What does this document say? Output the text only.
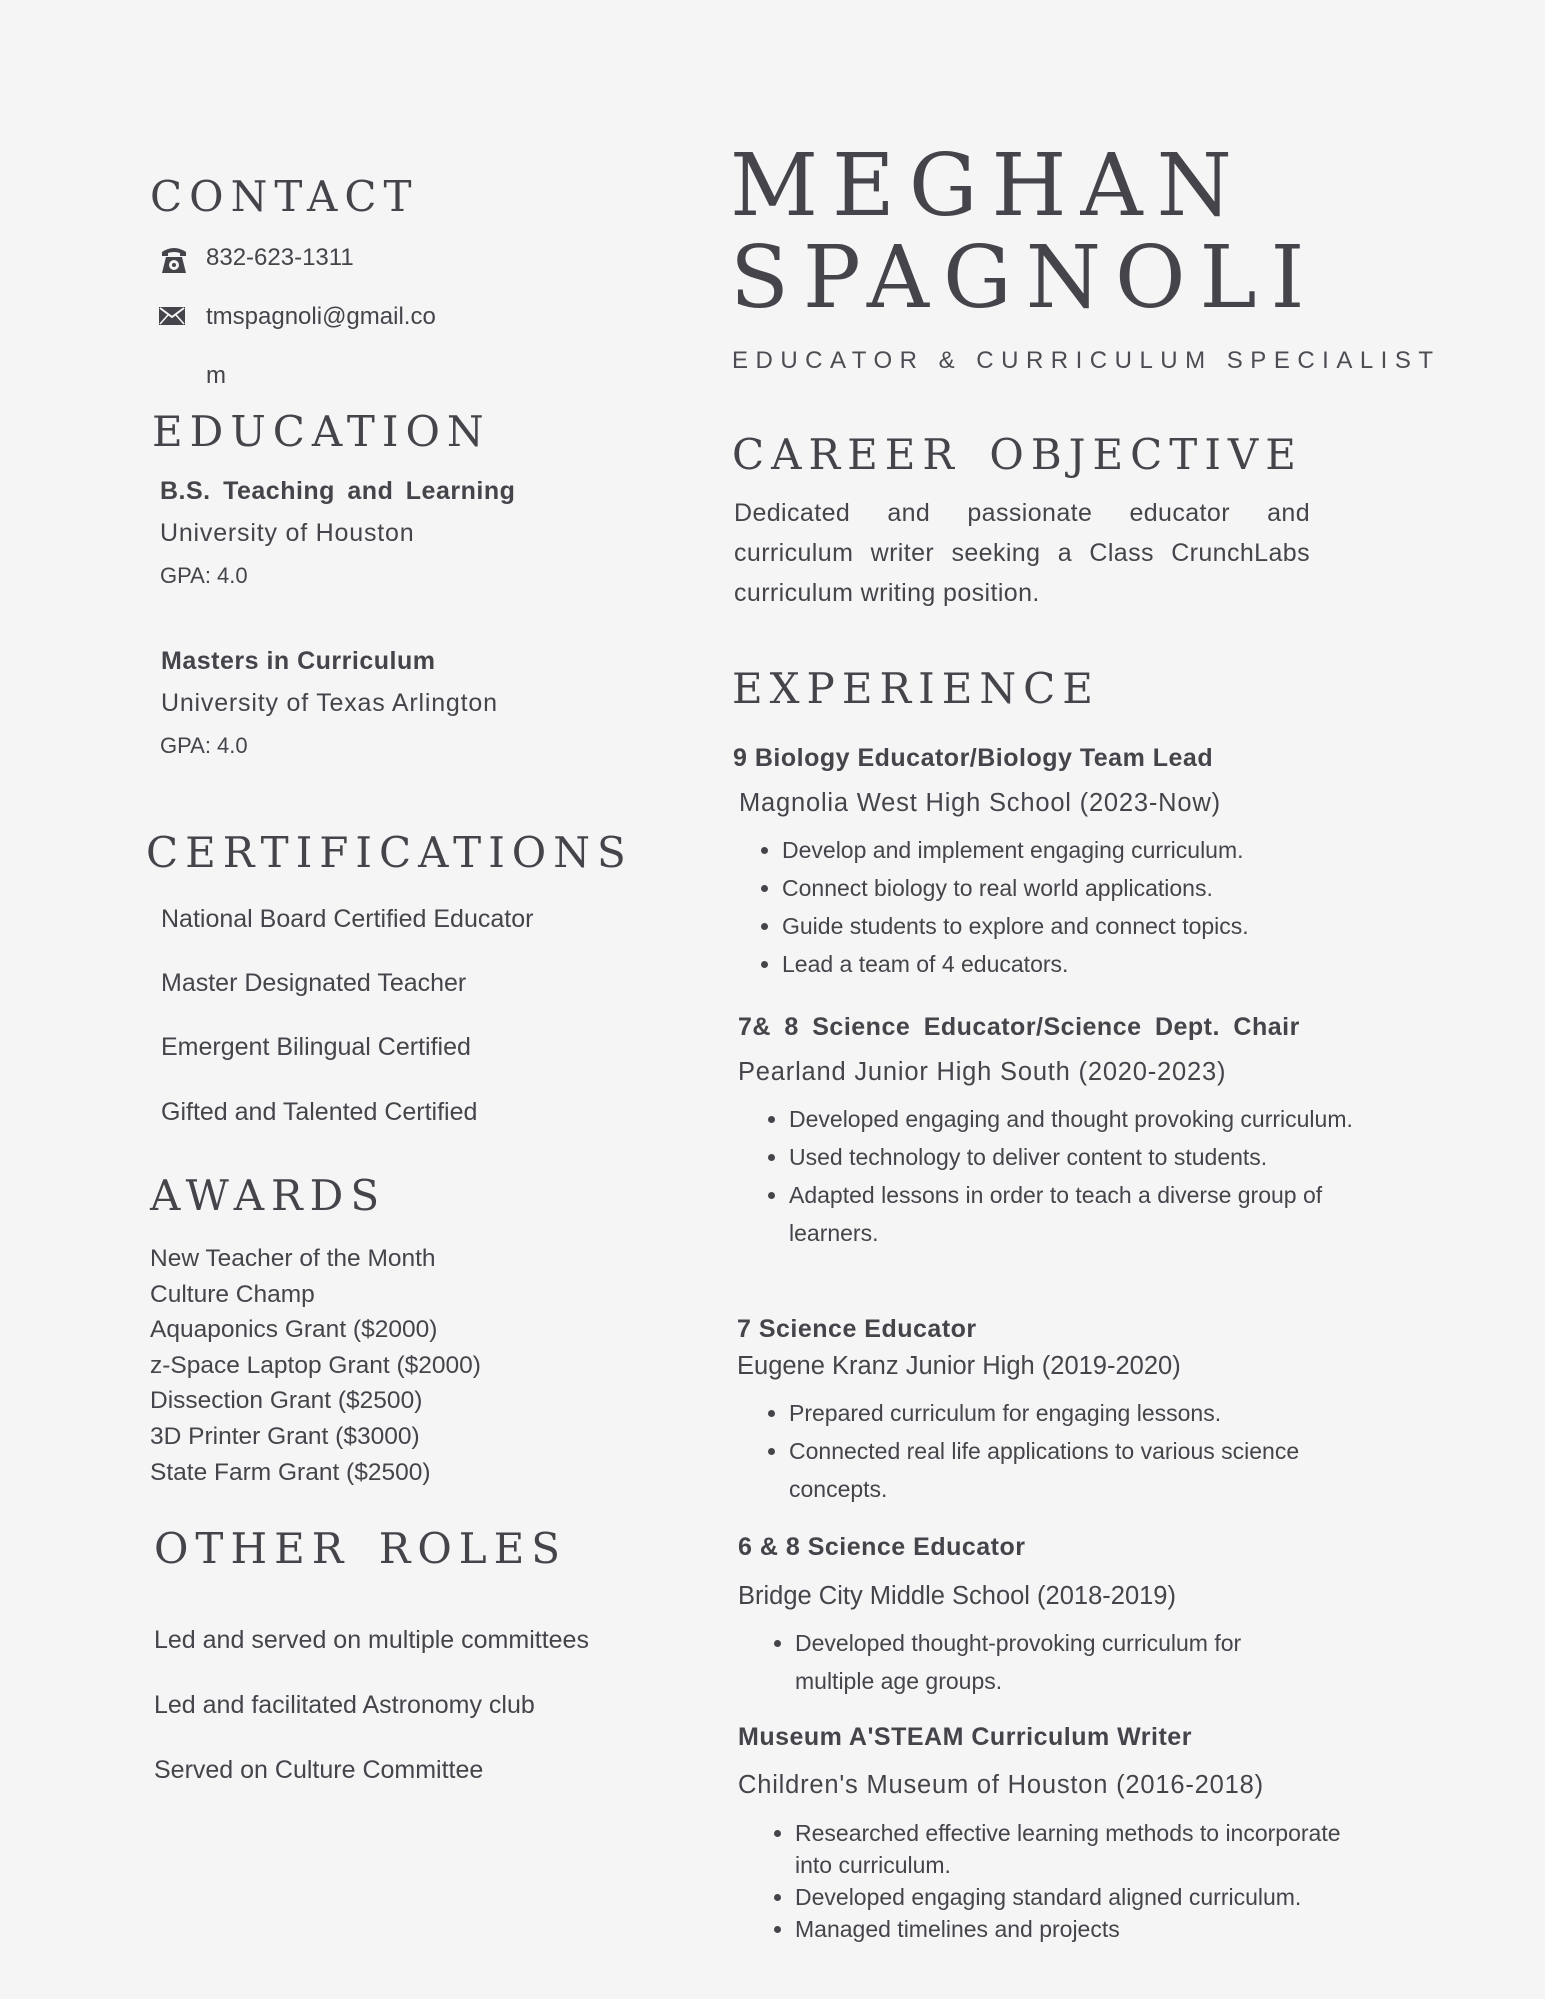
CONTACT
832-623-1311
tmspagnoli@gmail.co
m
EDUCATION
B.S. Teaching and Learning
University of Houston
GPA: 4.0
Masters in Curriculum
University of Texas Arlington
GPA: 4.0
CERTIFICATIONS
National Board Certified Educator
Master Designated Teacher
Emergent Bilingual Certified
Gifted and Talented Certified
AWARDS
New Teacher of the Month
Culture Champ
Aquaponics Grant ($2000)
z-Space Laptop Grant ($2000)
Dissection Grant ($2500)
3D Printer Grant ($3000)
State Farm Grant ($2500)
OTHER ROLES
Led and served on multiple committees
Led and facilitated Astronomy club
Served on Culture Committee
MEGHAN
SPAGNOLI
EDUCATOR & CURRICULUM SPECIALIST
CAREER OBJECTIVE
Dedicated and passionate educator and curriculum writer seeking a Class CrunchLabs curriculum writing position.
EXPERIENCE
9 Biology Educator/Biology Team Lead
Magnolia West High School (2023-Now)
• Develop and implement engaging curriculum.
• Connect biology to real world applications.
• Guide students to explore and connect topics.
• Lead a team of 4 educators.
7& 8 Science Educator/Science Dept. Chair
Pearland Junior High South (2020-2023)
• Developed engaging and thought provoking curriculum.
• Used technology to deliver content to students.
• Adapted lessons in order to teach a diverse group of learners.
7 Science Educator
Eugene Kranz Junior High (2019-2020)
• Prepared curriculum for engaging lessons.
• Connected real life applications to various science concepts.
6 & 8 Science Educator
Bridge City Middle School (2018-2019)
• Developed thought-provoking curriculum for multiple age groups.
Museum A'STEAM Curriculum Writer
Children's Museum of Houston (2016-2018)
• Researched effective learning methods to incorporate into curriculum.
• Developed engaging standard aligned curriculum.
• Managed timelines and projects
